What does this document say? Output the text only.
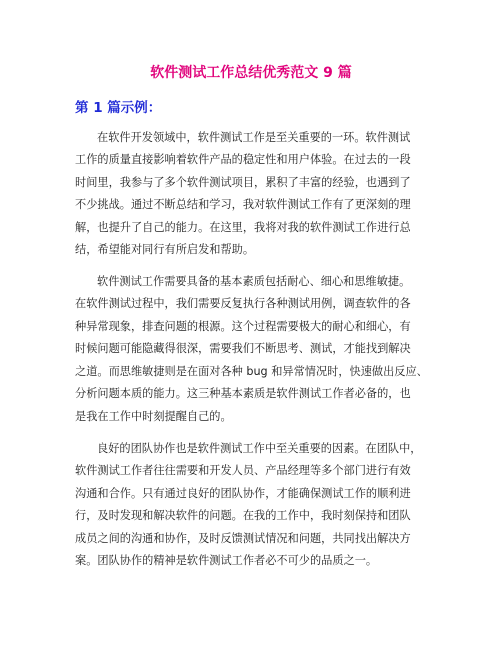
软件测试工作总结优秀范文 9 篇
第 1 篇示例：
在软件开发领域中，软件测试工作是至关重要的一环。软件测试
工作的质量直接影响着软件产品的稳定性和用户体验。在过去的一段
时间里，我参与了多个软件测试项目，累积了丰富的经验，也遇到了
不少挑战。通过不断总结和学习，我对软件测试工作有了更深刻的理
解，也提升了自己的能力。在这里，我将对我的软件测试工作进行总
结，希望能对同行有所启发和帮助。
软件测试工作需要具备的基本素质包括耐心、细心和思维敏捷。
在软件测试过程中，我们需要反复执行各种测试用例，调查软件的各
种异常现象，排查问题的根源。这个过程需要极大的耐心和细心，有
时候问题可能隐藏得很深，需要我们不断思考、测试，才能找到解决
之道。而思维敏捷则是在面对各种 bug 和异常情况时，快速做出反应、
分析问题本质的能力。这三种基本素质是软件测试工作者必备的，也
是我在工作中时刻提醒自己的。
良好的团队协作也是软件测试工作中至关重要的因素。在团队中，
软件测试工作者往往需要和开发人员、产品经理等多个部门进行有效
沟通和合作。只有通过良好的团队协作，才能确保测试工作的顺利进
行，及时发现和解决软件的问题。在我的工作中，我时刻保持和团队
成员之间的沟通和协作，及时反馈测试情况和问题，共同找出解决方
案。团队协作的精神是软件测试工作者必不可少的品质之一。
